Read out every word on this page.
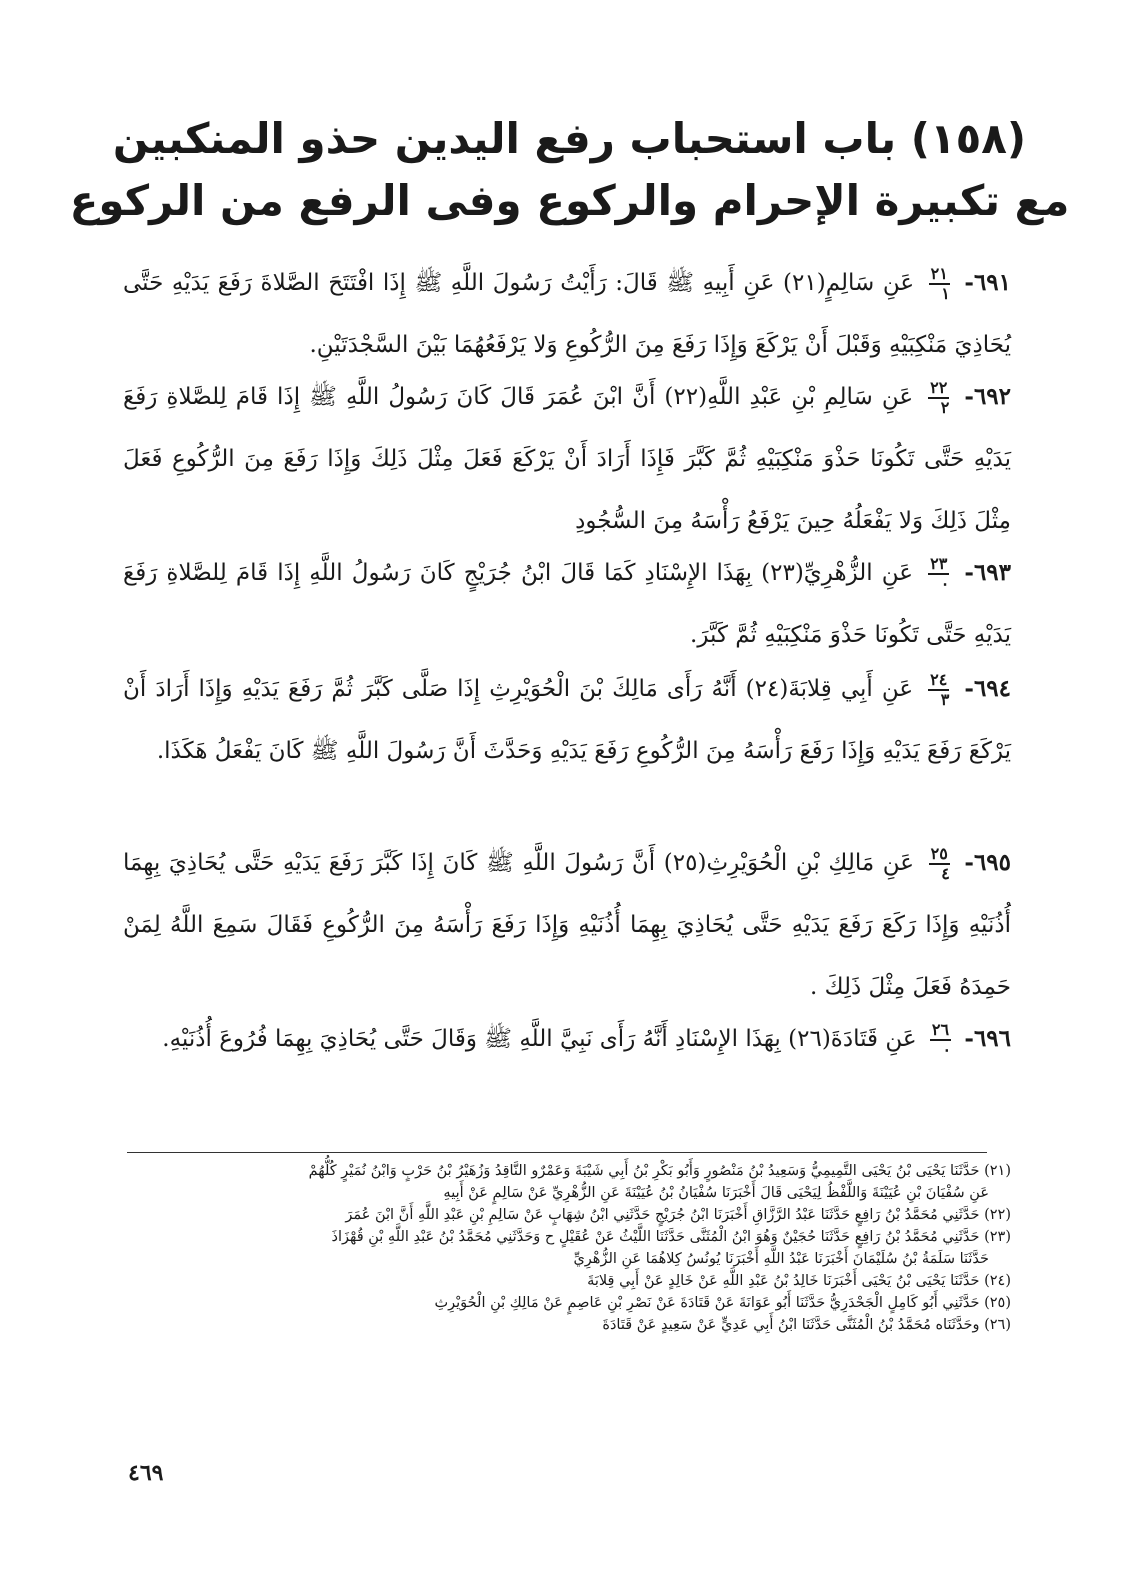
(١٥٨) باب استحباب رفع اليدين حذو المنكبين
مع تكبيرة الإحرام والركوع وفى الرفع من الركوع
٦٩١-
$\frac{٢١}{١}$
عَنِ سَالِمٍ(٢١) عَنِ أَبِيهِ ﷺ قَالَ: رَأَيْتُ رَسُولَ اللَّهِ ﷺ إِذَا افْتَتَحَ الصَّلاةَ رَفَعَ يَدَيْهِ حَتَّى يُحَاذِيَ مَنْكِبَيْهِ وَقَبْلَ أَنْ يَرْكَعَ وَإِذَا رَفَعَ مِنَ الرُّكُوعِ وَلا يَرْفَعُهُمَا بَيْنَ السَّجْدَتَيْنِ.
٦٩٢-
$\frac{٢٢}{٢}$
عَنِ سَالِمِ بْنِ عَبْدِ اللَّهِ(٢٢) أَنَّ ابْنَ عُمَرَ قَالَ كَانَ رَسُولُ اللَّهِ ﷺ إِذَا قَامَ لِلصَّلاةِ رَفَعَ يَدَيْهِ حَتَّى تَكُونَا حَذْوَ مَنْكِبَيْهِ ثُمَّ كَبَّرَ فَإِذَا أَرَادَ أَنْ يَرْكَعَ فَعَلَ مِثْلَ ذَلِكَ وَإِذَا رَفَعَ مِنَ الرُّكُوعِ فَعَلَ مِثْلَ ذَلِكَ وَلا يَفْعَلُهُ حِينَ يَرْفَعُ رَأْسَهُ مِنَ السُّجُودِ
٦٩٣-
$\frac{٢٣}{٠}$
عَنِ الزُّهْرِيِّ(٢٣) بِهَذَا الإِسْنَادِ كَمَا قَالَ ابْنُ جُرَيْجٍ كَانَ رَسُولُ اللَّهِ إِذَا قَامَ لِلصَّلاةِ رَفَعَ يَدَيْهِ حَتَّى تَكُونَا حَذْوَ مَنْكِبَيْهِ ثُمَّ كَبَّرَ.
٦٩٤-
$\frac{٢٤}{٣}$
عَنِ أَبِي قِلابَةَ(٢٤) أَنَّهُ رَأَى مَالِكَ بْنَ الْحُوَيْرِثِ إِذَا صَلَّى كَبَّرَ ثُمَّ رَفَعَ يَدَيْهِ وَإِذَا أَرَادَ أَنْ يَرْكَعَ رَفَعَ يَدَيْهِ وَإِذَا رَفَعَ رَأْسَهُ مِنَ الرُّكُوعِ رَفَعَ يَدَيْهِ وَحَدَّثَ أَنَّ رَسُولَ اللَّهِ ﷺ كَانَ يَفْعَلُ هَكَذَا.
٦٩٥-
$\frac{٢٥}{٤}$
عَنِ مَالِكِ بْنِ الْحُوَيْرِثِ(٢٥) أَنَّ رَسُولَ اللَّهِ ﷺ كَانَ إِذَا كَبَّرَ رَفَعَ يَدَيْهِ حَتَّى يُحَاذِيَ بِهِمَا أُذُنَيْهِ وَإِذَا رَكَعَ رَفَعَ يَدَيْهِ حَتَّى يُحَاذِيَ بِهِمَا أُذُنَيْهِ وَإِذَا رَفَعَ رَأْسَهُ مِنَ الرُّكُوعِ فَقَالَ سَمِعَ اللَّهُ لِمَنْ حَمِدَهُ فَعَلَ مِثْلَ ذَلِكَ .
٦٩٦-
$\frac{٢٦}{٠}$
عَنِ قَتَادَةَ(٢٦) بِهَذَا الإِسْنَادِ أَنَّهُ رَأَى نَبِيَّ اللَّهِ ﷺ وَقَالَ حَتَّى يُحَاذِيَ بِهِمَا فُرُوعَ أُذُنَيْهِ.

(٢١) حَدَّثَنَا يَحْيَى بْنُ يَحْيَى التَّمِيمِيُّ وَسَعِيدُ بْنُ مَنْصُورٍ وَأَبُو بَكْرِ بْنُ أَبِي شَيْبَةَ وَعَمْرٌو النَّاقِدُ وَزُهَيْرُ بْنُ حَرْبٍ وَابْنُ نُمَيْرٍ كُلُّهُمْ
عَنِ سُفْيَانَ بْنِ عُيَيْنَةَ وَاللَّفْظُ لِيَحْيَى قَالَ أَخْبَرَنَا سُفْيَانُ بْنُ عُيَيْنَةَ عَنِ الزُّهْرِيِّ عَنْ سَالِمٍ عَنْ أَبِيهِ

(٢٢) حَدَّثَنِي مُحَمَّدُ بْنُ رَافِعٍ حَدَّثَنَا عَبْدُ الرَّزَّاقِ أَخْبَرَنَا ابْنُ جُرَيْجٍ حَدَّثَنِي ابْنُ شِهَابٍ عَنْ سَالِمِ بْنِ عَبْدِ اللَّهِ أَنَّ ابْنَ عُمَرَ

(٢٣) حَدَّثَنِي مُحَمَّدُ بْنُ رَافِعٍ حَدَّثَنَا حُجَيْنٌ وَهُوَ ابْنُ الْمُثَنَّى حَدَّثَنَا اللَّيْثُ عَنْ عُقَيْلٍ ح وَحَدَّثَنِي مُحَمَّدُ بْنُ عَبْدِ اللَّهِ بْنِ قُهْزَاذَ
حَدَّثَنَا سَلَمَةُ بْنُ سُلَيْمَانَ أَخْبَرَنَا عَبْدُ اللَّهِ أَخْبَرَنَا يُونُسُ كِلاهُمَا عَنِ الزُّهْرِيِّ

(٢٤) حَدَّثَنَا يَحْيَى بْنُ يَحْيَى أَخْبَرَنَا خَالِدُ بْنُ عَبْدِ اللَّهِ عَنْ خَالِدٍ عَنْ أَبِي قِلابَةَ

(٢٥) حَدَّثَنِي أَبُو كَامِلٍ الْجَحْدَرِيُّ حَدَّثَنَا أَبُو عَوَانَةَ عَنْ قَتَادَةَ عَنْ نَصْرِ بْنِ عَاصِمٍ عَنْ مَالِكِ بْنِ الْحُوَيْرِثِ

(٢٦) وحَدَّثَنَاه مُحَمَّدُ بْنُ الْمُثَنَّى حَدَّثَنَا ابْنُ أَبِي عَدِيٍّ عَنْ سَعِيدٍ عَنْ قَتَادَةَ

٤٦٩
